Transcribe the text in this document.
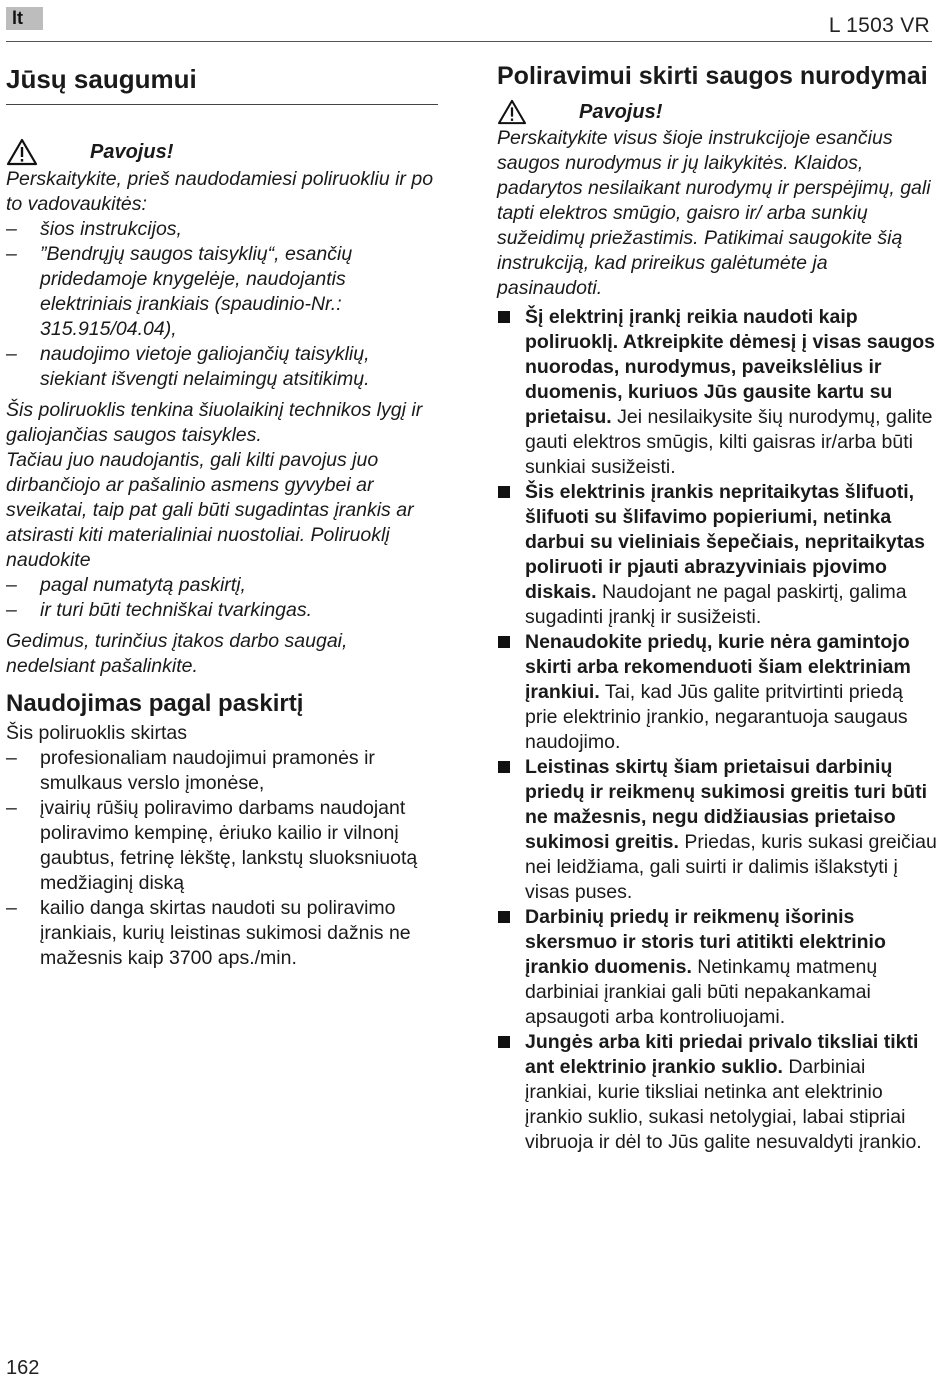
lt	L 1503 VR
Jūsų saugumui
Pavojus!

Perskaitykite, prieš naudodamiesi poliruokliu ir po to vadovaukitės:

– šios instrukcijos,
– ”Bendrųjų saugos taisyklių“, esančių pridedamoje knygelėje, naudojantis elektriniais įrankiais (spaudinio-Nr.: 315.915/04.04),
– naudojimo vietoje galiojančių taisyklių, siekiant išvengti nelaimingų atsitikimų.

Šis poliruoklis tenkina šiuolaikinį technikos lygį ir galiojančias saugos taisykles.

Tačiau juo naudojantis, gali kilti pavojus juo dirbančiojo ar pašalinio asmens gyvybei ar sveikatai, taip pat gali būti sugadintas įrankis ar atsirasti kiti materialiniai nuostoliai. Poliruoklį naudokite

– pagal numatytą paskirtį,
– ir turi būti techniškai tvarkingas.

Gedimus, turinčius įtakos darbo saugai, nedelsiant pašalinkite.

Naudojimas pagal paskirtį

Šis poliruoklis skirtas

– profesionaliam naudojimui pramonės ir smulkaus verslo įmonėse,
– įvairių rūšių poliravimo darbams naudojant poliravimo kempinę, ėriuko kailio ir vilnonį gaubtus, fetrinę lėkštę, lankstų sluoksniuotą medžiaginį diską
– kailio danga skirtas naudoti su poliravimo įrankiais, kurių leistinas sukimosi dažnis ne mažesnis kaip 3700 aps./min.
Poliravimui skirti saugos nurodymai
Pavojus!

Perskaitykite visus šioje instrukcijoje esančius saugos nurodymus ir jų laikykitės. Klaidos, padarytos nesilaikant nurodymų ir perspėjimų, gali tapti elektros smūgio, gaisro ir/ arba sunkių sužeidimų priežastimis. Patikimai saugokite šią instrukciją, kad prireikus galėtumėte ja pasinaudoti.

Šį elektrinį įrankį reikia naudoti kaip poliruoklį. Atkreipkite dėmesį į visas saugos nuorodas, nurodymus, paveikslėlius ir duomenis, kuriuos Jūs gausite kartu su prietaisu. Jei nesilaikysite šių nurodymų, galite gauti elektros smūgis, kilti gaisras ir/arba būti sunkiai susižeisti.
Šis elektrinis įrankis nepritaikytas šlifuoti, šlifuoti su šlifavimo popieriumi, netinka darbui su vieliniais šepečiais, nepritaikytas poliruoti ir pjauti abrazyviniais pjovimo diskais. Naudojant ne pagal paskirtį, galima sugadinti įrankį ir susižeisti.
Nenaudokite priedų, kurie nėra gamintojo skirti arba rekomenduoti šiam elektriniam įrankiui. Tai, kad Jūs galite pritvirtinti priedą prie elektrinio įrankio, negarantuoja saugaus naudojimo.
Leistinas skirtų šiam prietaisui darbinių priedų ir reikmenų sukimosi greitis turi būti ne mažesnis, negu didžiausias prietaiso sukimosi greitis. Priedas, kuris sukasi greičiau nei leidžiama, gali suirti ir dalimis išlakstyti į visas puses.
Darbinių priedų ir reikmenų išorinis skersmuo ir storis turi atitikti elektrinio įrankio duomenis. Netinkamų matmenų darbiniai įrankiai gali būti nepakankamai apsaugoti arba kontroliuojami.
Jungės arba kiti priedai privalo tiksliai tikti ant elektrinio įrankio suklio. Darbiniai įrankiai, kurie tiksliai netinka ant elektrinio įrankio suklio, sukasi netolygiai, labai stipriai vibruoja ir dėl to Jūs galite nesuvaldyti įrankio.
162
